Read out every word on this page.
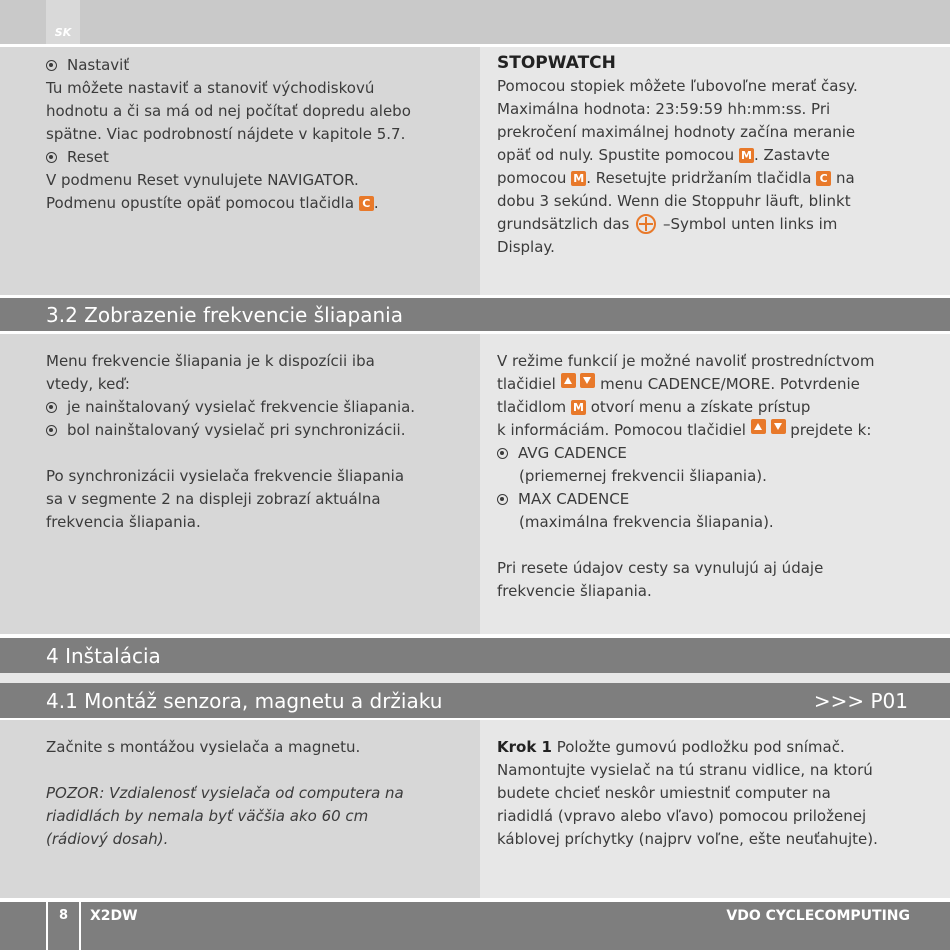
SK

Nastaviť

Tu môžete nastaviť a stanoviť východiskovú

hodnotu a či sa má od nej počítať dopredu alebo

spätne. Viac podrobností nájdete v kapitole 5.7.

Reset

V podmenu Reset vynulujete NAVIGATOR.

Podmenu opustíte opäť pomocou tlačidla C .

STOPWATCH

Pomocou stopiek môžete ľubovoľne merať časy.

Maximálna hodnota: 23:59:59 hh:mm:ss. Pri

prekročení maximálnej hodnoty začína meranie

opäť od nuly. Spustite pomocou M . Zastavte

pomocou M . Resetujte pridržaním tlačidla C na

dobu 3 sekúnd. Wenn die Stoppuhr läuft, blinkt

grundsätzlich das –Symbol unten links im

Display.

3.2 Zobrazenie frekvencie šliapania

Menu frekvencie šliapania je k dispozícii iba

vtedy, keď:

je nainštalovaný vysielač frekvencie šliapania.

bol nainštalovaný vysielač pri synchronizácii.

Po synchronizácii vysielača frekvencie šliapania

sa v segmente 2 na displeji zobrazí aktuálna

frekvencia šliapania.

V režime funkcií je možné navoliť prostredníctvom

tlačidiel	menu CADENCE/MORE. Potvrdenie

tlačidlom M otvorí menu a získate prístup

k informáciám. Pomocou tlačidiel   prejdete k:

AVG CADENCE

(priemernej frekvencii šliapania).

MAX CADENCE

(maximálna frekvencia šliapania).

Pri resete údajov cesty sa vynulujú aj údaje

frekvencie šliapania.

4 Inštalácia
4.1 Montáž senzora, magnetu a držiaku	>>> P01

Začnite s montážou vysielača a magnetu.

POZOR: Vzdialenosť vysielača od computera na

riadidlách by nemala byť väčšia ako 60 cm

(rádiový dosah).

Krok 1 Položte gumovú podložku pod snímač.

Namontujte vysielač na tú stranu vidlice, na ktorú

budete chcieť neskôr umiestniť computer na

riadidlá (vpravo alebo vľavo) pomocou priloženej

káblovej príchytky (najprv voľne, ešte neuťahujte).

8	X2DW	VDO CYCLECOMPUTING
